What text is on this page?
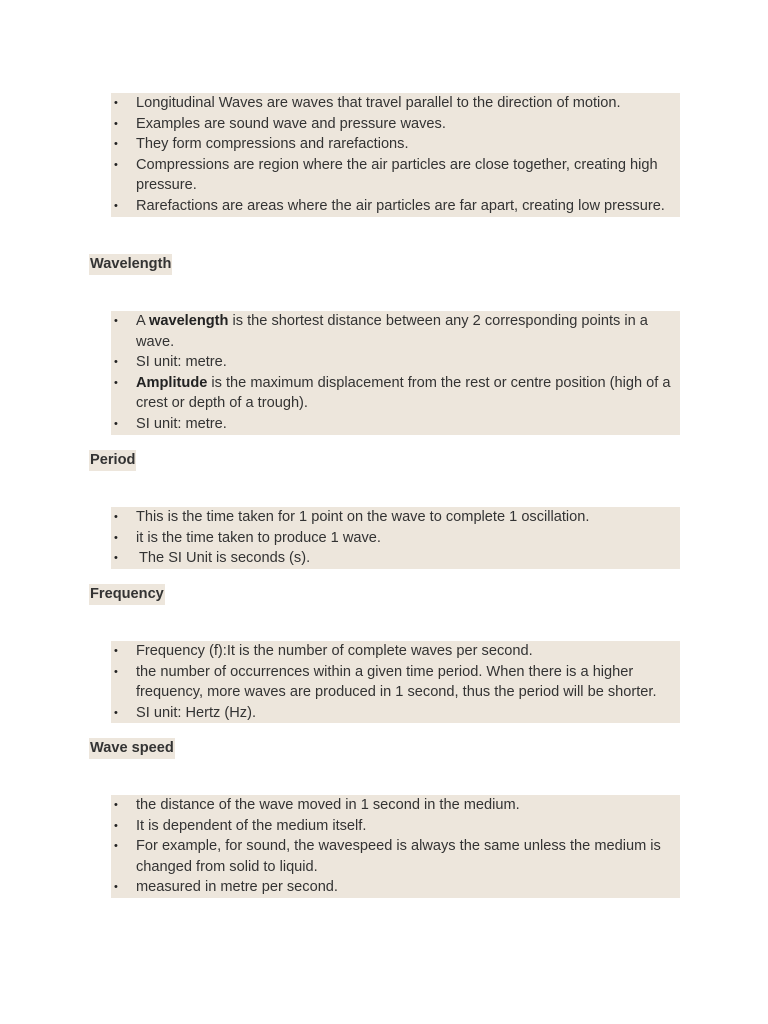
• Longitudinal Waves are waves that travel parallel to the direction of motion.
• Examples are sound wave and pressure waves.
• They form compressions and rarefactions.
• Compressions are region where the air particles are close together, creating high pressure.
• Rarefactions are areas where the air particles are far apart, creating low pressure.
Wavelength
• A wavelength is the shortest distance between any 2 corresponding points in a wave.
• SI unit: metre.
• Amplitude is the maximum displacement from the rest or centre position (high of a crest or depth of a trough).
• SI unit: metre.
Period
• This is the time taken for 1 point on the wave to complete 1 oscillation.
• it is the time taken to produce 1 wave.
• The SI Unit is seconds (s).
Frequency
• Frequency (f):It is the number of complete waves per second.
• the number of occurrences within a given time period. When there is a higher frequency, more waves are produced in 1 second, thus the period will be shorter.
• SI unit: Hertz (Hz).
Wave speed
• the distance of the wave moved in 1 second in the medium.
• It is dependent of the medium itself.
• For example, for sound, the wavespeed is always the same unless the medium is changed from solid to liquid.
• measured in metre per second.
